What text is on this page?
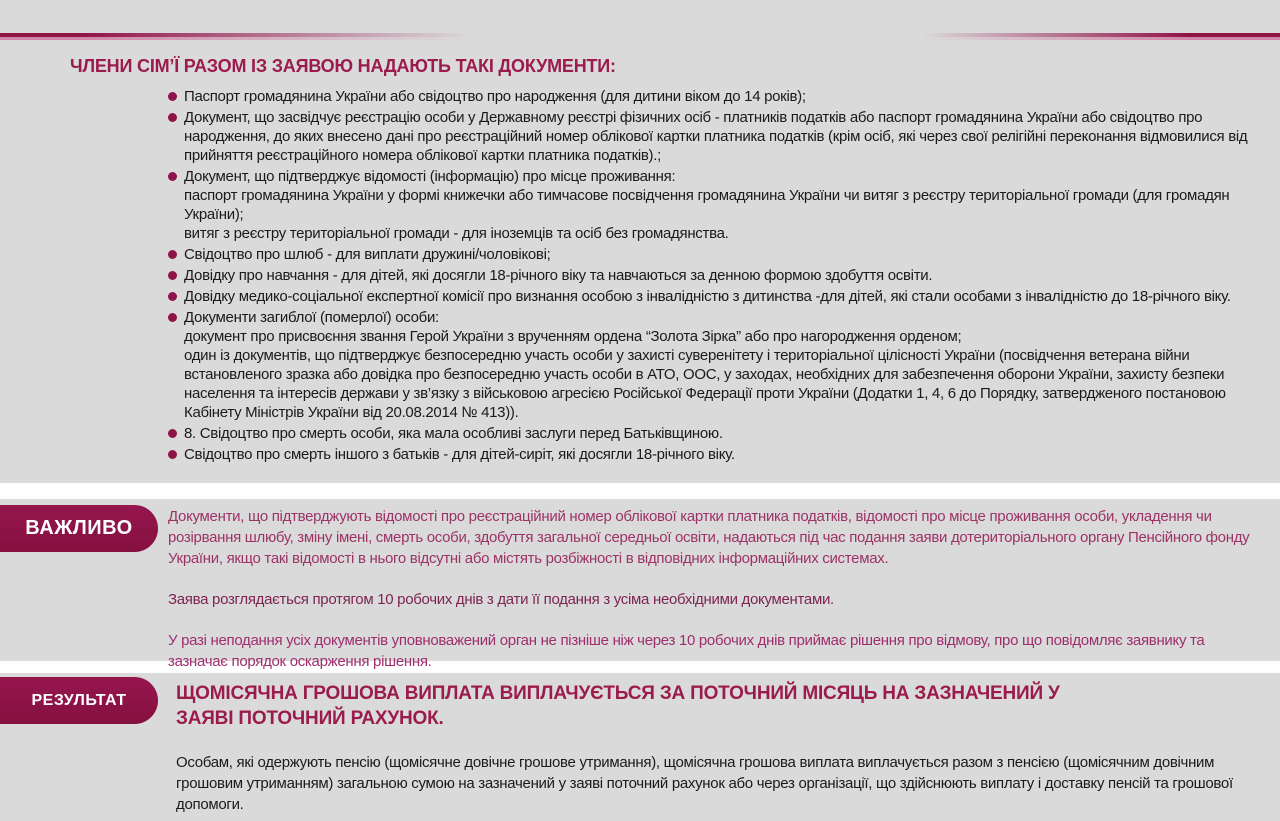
ЧЛЕНИ СІМ’Ї РАЗОМ ІЗ ЗАЯВОЮ НАДАЮТЬ ТАКІ ДОКУМЕНТИ:
Паспорт громадянина України або свідоцтво про народження (для дитини віком до 14 років);
Документ, що засвідчує реєстрацію особи у Державному реєстрі фізичних осіб - платників податків або паспорт громадянина України або свідоцтво про народження, до яких внесено дані про реєстраційний номер облікової картки платника податків (крім осіб, які через свої релігійні переконання відмовилися від прийняття реєстраційного номера облікової картки платника податків).;
Документ, що підтверджує відомості (інформацію) про місце проживання:
паспорт громадянина України у формі книжечки або тимчасове посвідчення громадянина України чи витяг з реєстру територіальної громади (для громадян України);
витяг з реєстру територіальної громади - для іноземців та осіб без громадянства.
Свідоцтво про шлюб - для виплати дружині/чоловікові;
Довідку про навчання - для дітей, які досягли 18-річного віку та навчаються за денною формою здобуття освіти.
Довідку медико-соціальної експертної комісії про визнання особою з інвалідністю з дитинства -для дітей, які стали особами з інвалідністю до 18-річного віку.
Документи загиблої (померлої) особи:
документ про присвоєння звання Герой України з врученням ордена “Золота Зірка” або про нагородження орденом;
один із документів, що підтверджує безпосередню участь особи у захисті суверенітету і територіальної цілісності України (посвідчення ветерана війни встановленого зразка або довідка про безпосередню участь особи в АТО, ООС, у заходах, необхідних для забезпечення оборони України, захисту безпеки населення та інтересів держави у зв’язку з військовою агресією Російської Федерації проти України (Додатки 1, 4, 6 до Порядку, затвердженого постановою Кабінету Міністрів України від 20.08.2014 № 413)).
8. Свідоцтво про смерть особи, яка мала особливі заслуги перед Батьківщиною.
Свідоцтво про смерть іншого з батьків - для дітей-сиріт, які досягли 18-річного віку.
ВАЖЛИВО

Документи, що підтверджують відомості про реєстраційний номер облікової картки платника податків, відомості про місце проживання особи, укладення чи розірвання шлюбу, зміну імені, смерть особи, здобуття загальної середньої освіти, надаються під час подання заяви дотериторіального органу Пенсійного фонду України, якщо такі відомості в нього відсутні або містять розбіжності в відповідних інформаційних системах.

Заява розглядається протягом 10 робочих днів з дати її подання з усіма необхідними документами.

У разі неподання усіх документів уповноважений орган не пізніше ніж через 10 робочих днів приймає рішення про відмову, про що повідомляє заявнику та зазначає порядок оскарження рішення.

РЕЗУЛЬТАТ	ЩОМІСЯЧНА ГРОШОВА ВИПЛАТА ВИПЛАЧУЄТЬСЯ ЗА ПОТОЧНИЙ МІСЯЦЬ НА ЗАЗНАЧЕНИЙ У ЗАЯВІ ПОТОЧНИЙ РАХУНОК.
Особам, які одержують пенсію (щомісячне довічне грошове утримання), щомісячна грошова виплата виплачується разом з пенсією (щомісячним довічним грошовим утриманням) загальною сумою на зазначений у заяві поточний рахунок або через організації, що здійснюють виплату і доставку пенсій та грошової допомоги.
